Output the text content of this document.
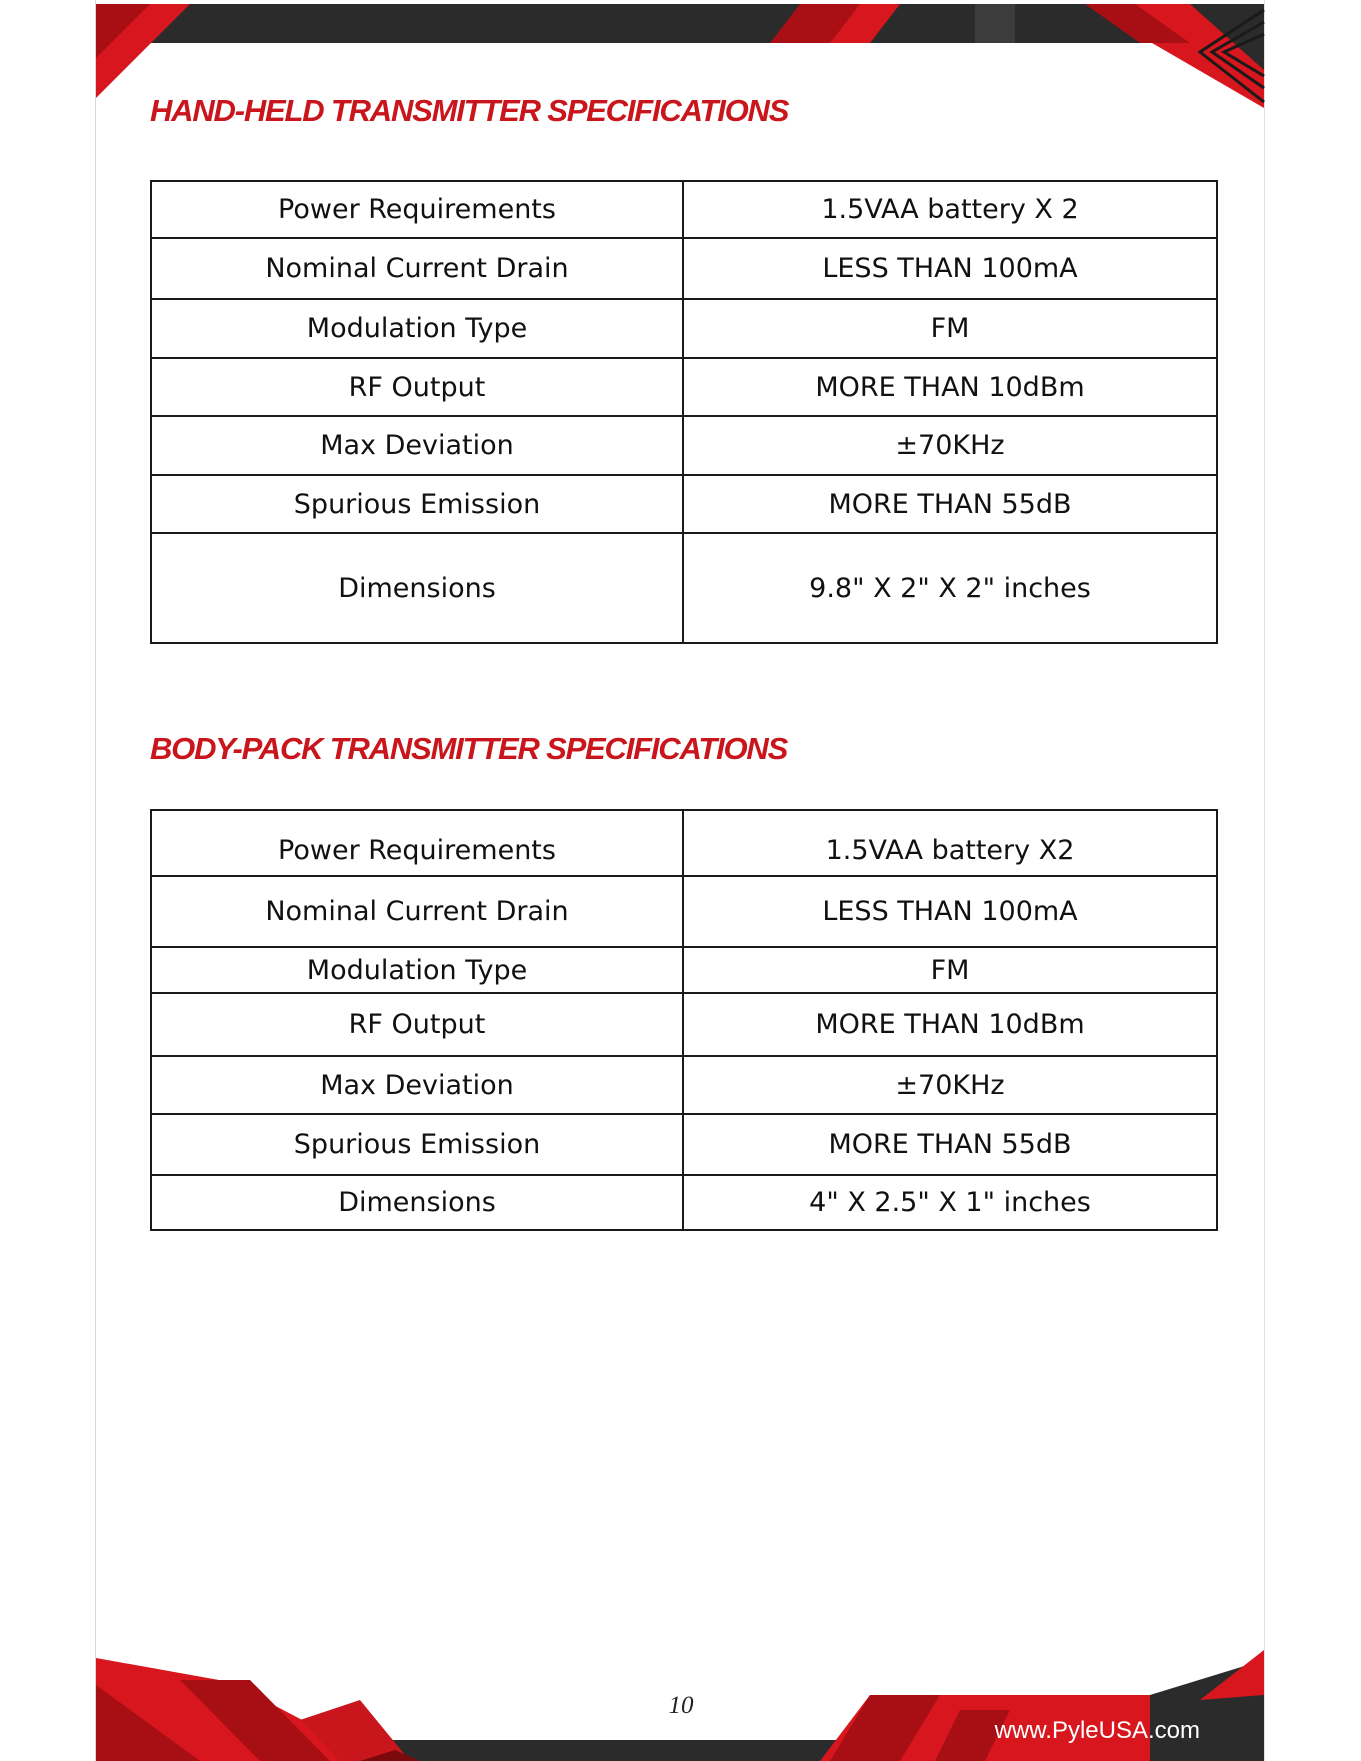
HAND-HELD TRANSMITTER SPECIFICATIONS
Power Requirements	1.5VAA battery X 2
Nominal Current Drain	LESS THAN 100mA
Modulation Type	FM
RF Output	MORE THAN 10dBm
Max Deviation	±70KHz
Spurious Emission	MORE THAN 55dB
Dimensions	9.8" X 2" X 2" inches
BODY-PACK TRANSMITTER SPECIFICATIONS
Power Requirements	1.5VAA battery X2
Nominal Current Drain	LESS THAN 100mA
Modulation Type	FM
RF Output	MORE THAN 10dBm
Max Deviation	±70KHz
Spurious Emission	MORE THAN 55dB
Dimensions	4" X 2.5" X 1" inches
10
www.PyleUSA.com
